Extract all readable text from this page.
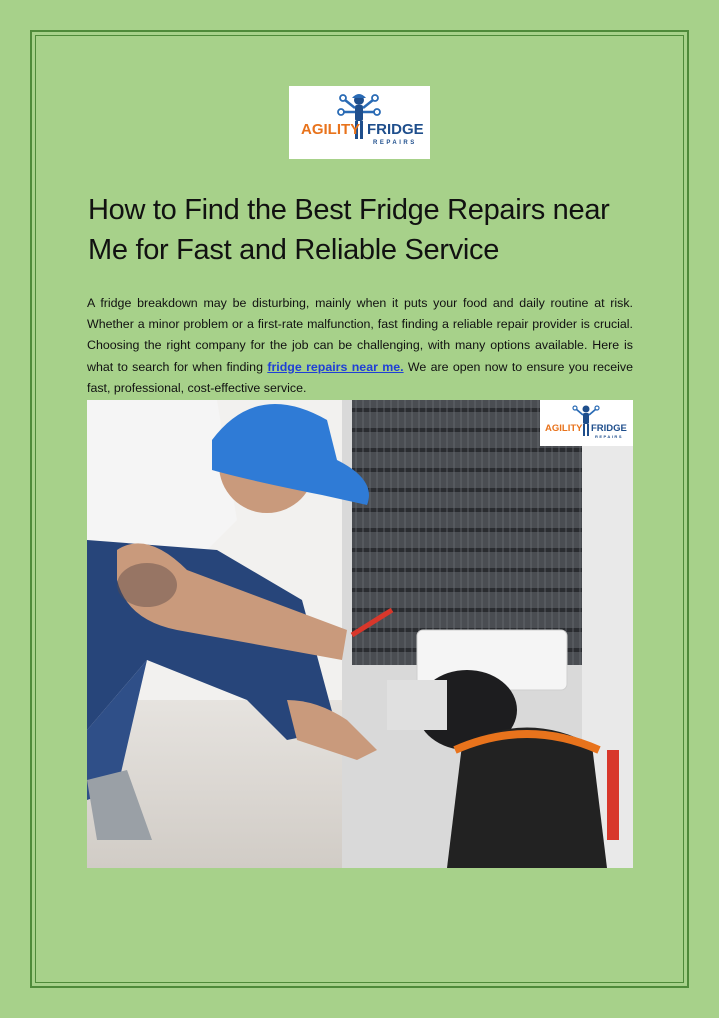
AGILITY FRIDGE
REPAIRS
How to Find the Best Fridge Repairs near Me for Fast and Reliable Service

A fridge breakdown may be disturbing, mainly when it puts your food and daily routine at risk. Whether a minor problem or a first-rate malfunction, fast finding a reliable repair provider is crucial. Choosing the right company for the job can be challenging, with many options available. Here is what to search for when finding fridge repairs near me. We are open now to ensure you receive fast, professional, cost-effective service.

AGILITY FRIDGE
REPAIRS
